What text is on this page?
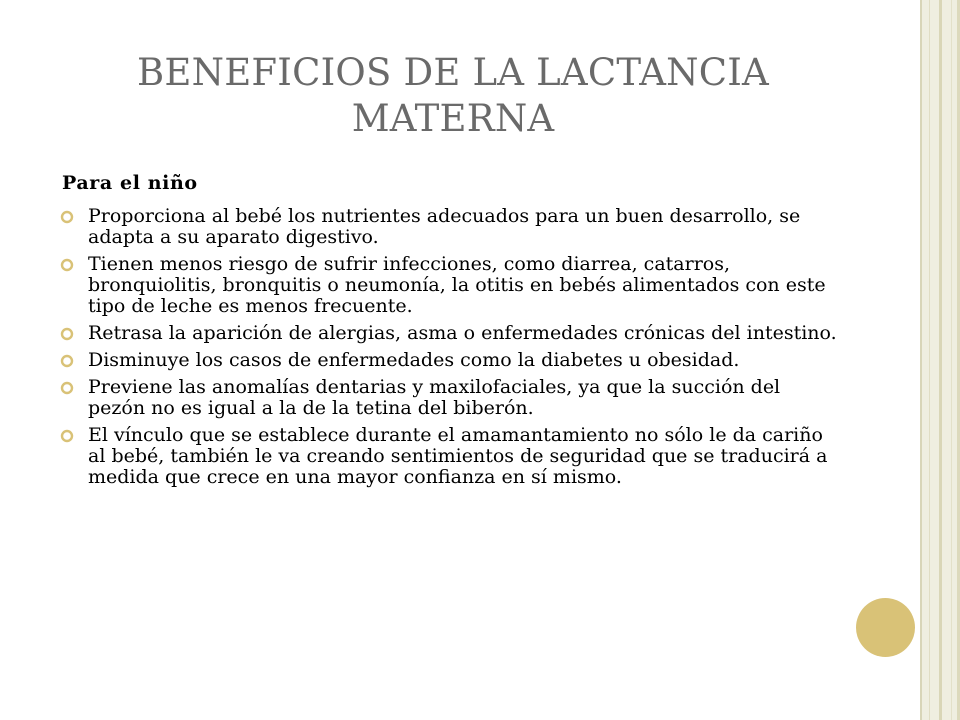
BENEFICIOS DE LA LACTANCIA MATERNA
Para el niño
Proporciona al bebé los nutrientes adecuados para un buen desarrollo, se adapta a su aparato digestivo.
Tienen menos riesgo de sufrir infecciones, como diarrea, catarros, bronquiolitis, bronquitis o neumonía, la otitis en bebés alimentados con este tipo de leche es menos frecuente.
Retrasa la aparición de alergias, asma o enfermedades crónicas del intestino.
Disminuye los casos de enfermedades como la diabetes u obesidad.
Previene las anomalías dentarias y maxilofaciales, ya que la succión del pezón no es igual a la de la tetina del biberón.
El vínculo que se establece durante el amamantamiento no sólo le da cariño al bebé, también le va creando sentimientos de seguridad que se traducirá a medida que crece en una mayor confianza en sí mismo.
